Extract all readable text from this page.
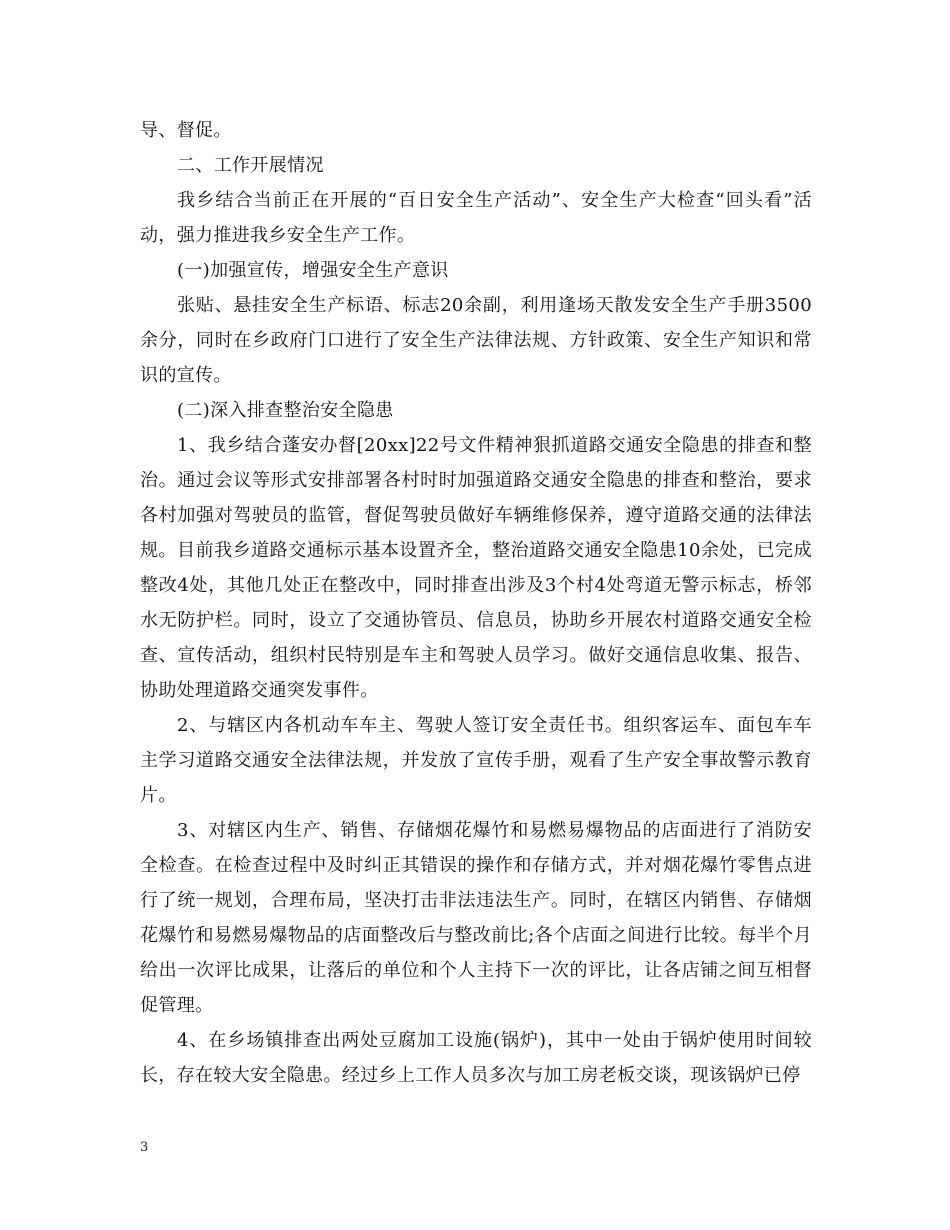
导、督促。

二、工作开展情况

我乡结合当前正在开展的“百日安全生产活动”、安全生产大检查“回头看”活动，强力推进我乡安全生产工作。

(一)加强宣传，增强安全生产意识

张贴、悬挂安全生产标语、标志20余副，利用逢场天散发安全生产手册3500余分，同时在乡政府门口进行了安全生产法律法规、方针政策、安全生产知识和常识的宣传。

(二)深入排查整治安全隐患

1、我乡结合蓬安办督[20xx]22号文件精神狠抓道路交通安全隐患的排查和整治。通过会议等形式安排部署各村时时加强道路交通安全隐患的排查和整治，要求各村加强对驾驶员的监管，督促驾驶员做好车辆维修保养，遵守道路交通的法律法规。目前我乡道路交通标示基本设置齐全，整治道路交通安全隐患10余处，已完成整改4处，其他几处正在整改中，同时排查出涉及3个村4处弯道无警示标志，桥邻水无防护栏。同时，设立了交通协管员、信息员，协助乡开展农村道路交通安全检查、宣传活动，组织村民特别是车主和驾驶人员学习。做好交通信息收集、报告、协助处理道路交通突发事件。

2、与辖区内各机动车车主、驾驶人签订安全责任书。组织客运车、面包车车主学习道路交通安全法律法规，并发放了宣传手册，观看了生产安全事故警示教育片。

3、对辖区内生产、销售、存储烟花爆竹和易燃易爆物品的店面进行了消防安全检查。在检查过程中及时纠正其错误的操作和存储方式，并对烟花爆竹零售点进行了统一规划，合理布局，坚决打击非法违法生产。同时，在辖区内销售、存储烟花爆竹和易燃易爆物品的店面整改后与整改前比;各个店面之间进行比较。每半个月给出一次评比成果，让落后的单位和个人主持下一次的评比，让各店铺之间互相督促管理。

4、在乡场镇排查出两处豆腐加工设施(锅炉)，其中一处由于锅炉使用时间较长，存在较大安全隐患。经过乡上工作人员多次与加工房老板交谈，现该锅炉已停

3
